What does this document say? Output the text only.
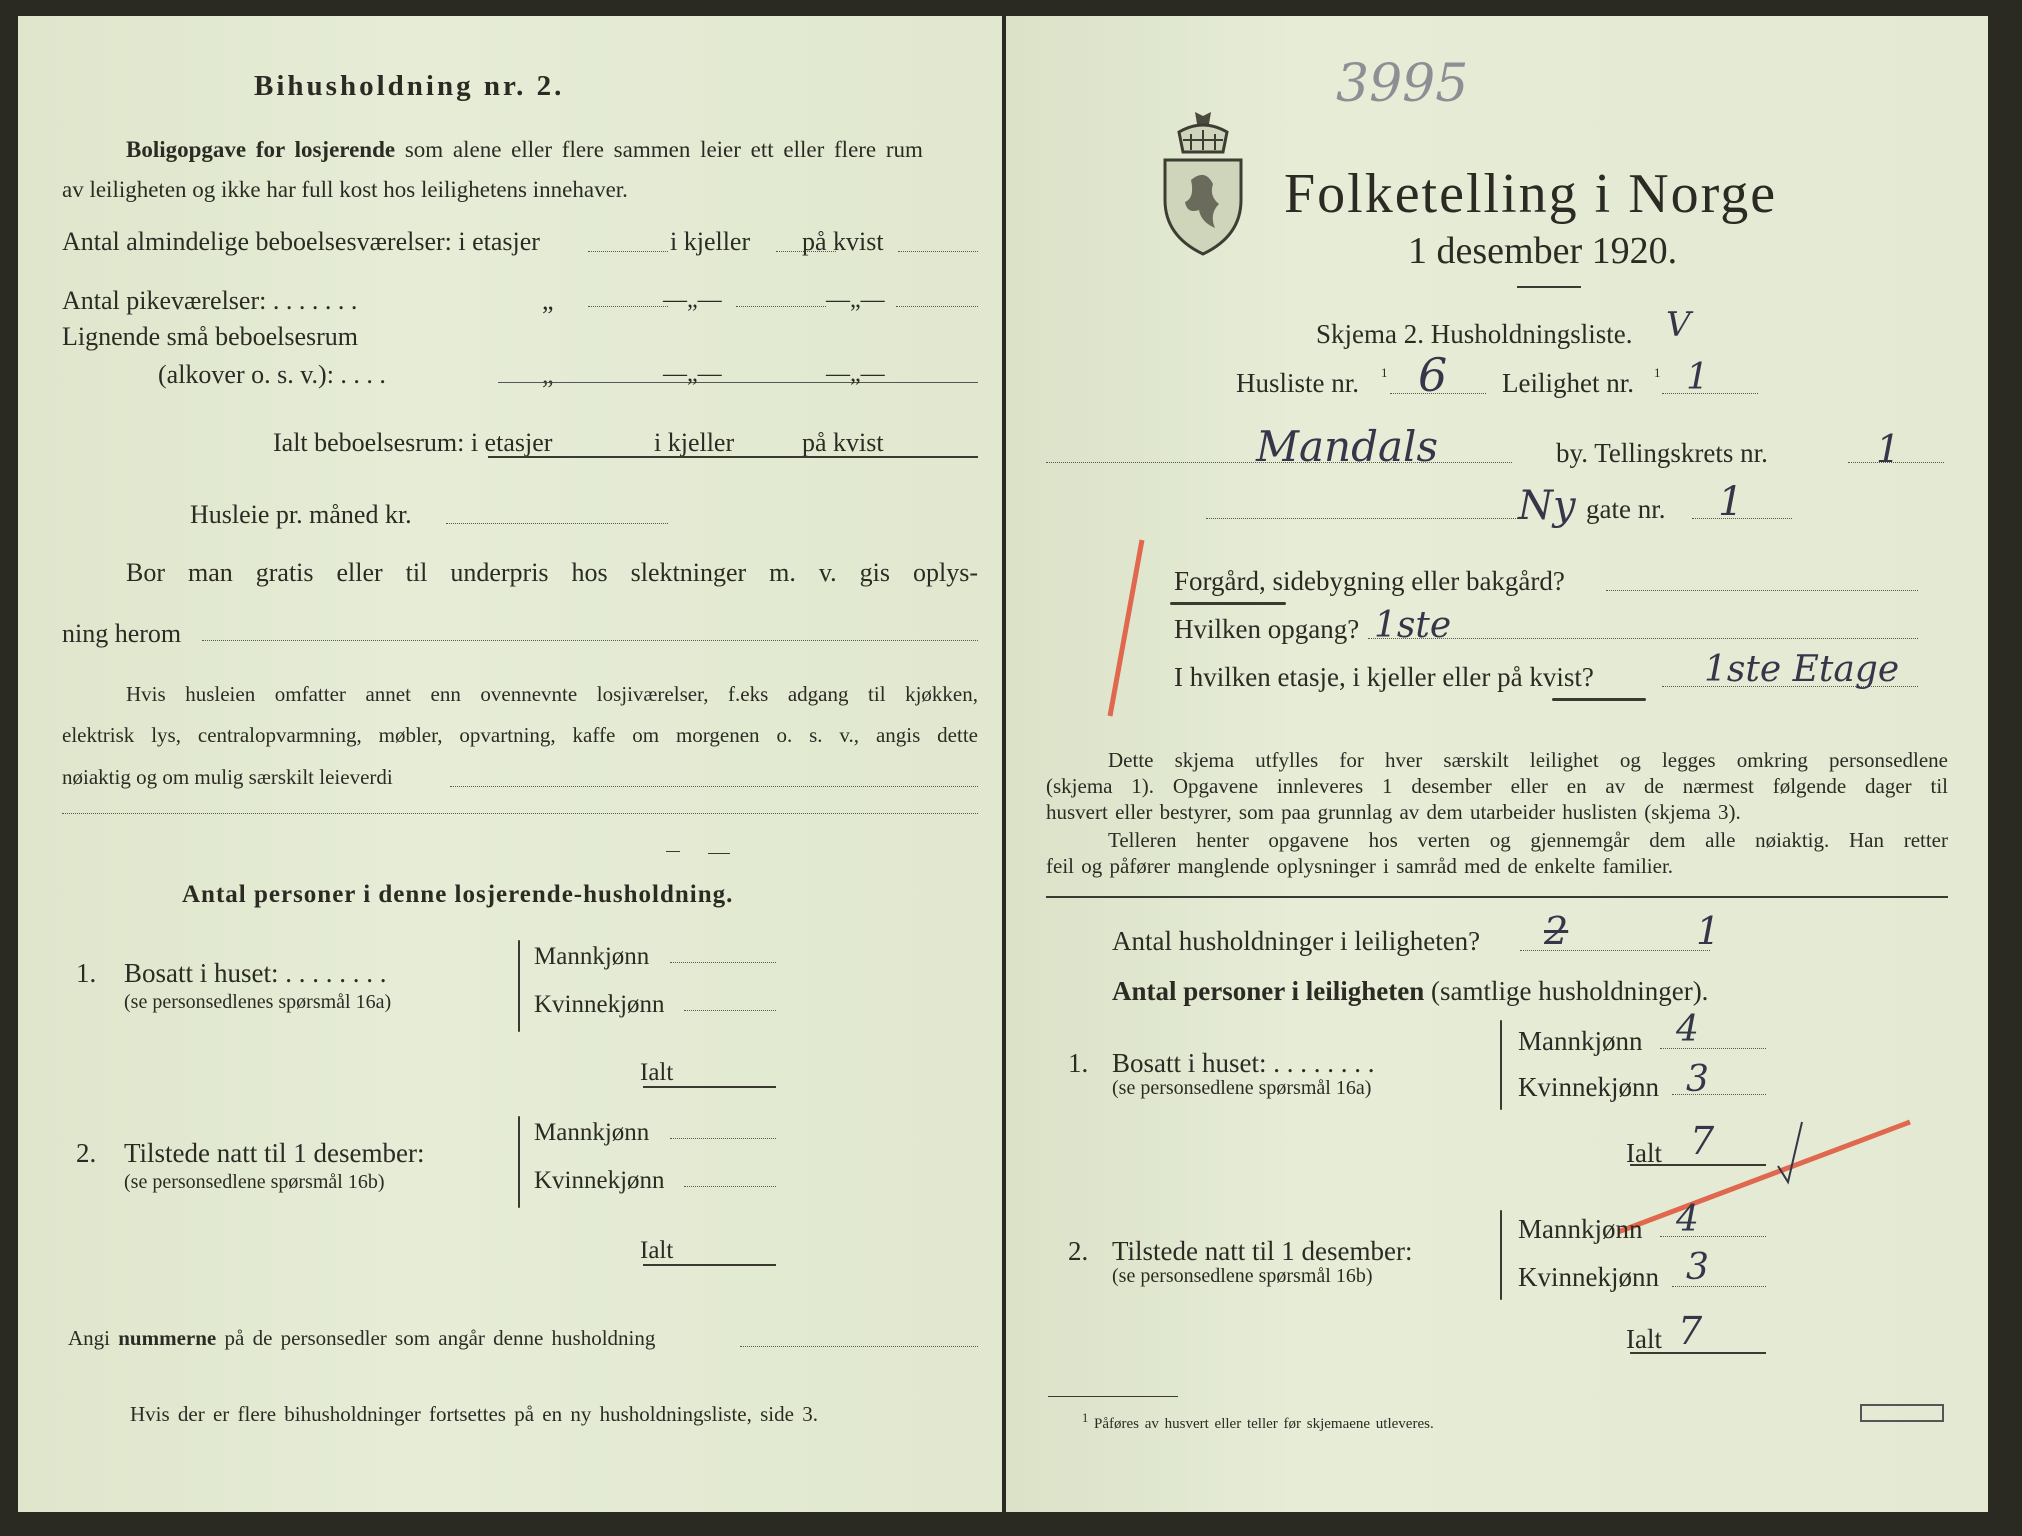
Bihusholdning nr. 2.
Boligopgave for losjerende som alene eller flere sammen leier ett eller flere rum
av leiligheten og ikke har full kost hos leilighetens innehaver.
Antal almindelige beboelsesværelser: i etasjer	i kjeller på kvist
Antal pikeværelser: . . . . . . .	„	—„—	—„—
Lignende små beboelsesrum
(alkover o. s. v.): . . . .	„	—„—	—„—
Ialt beboelsesrum: i etasjer	i kjeller	på kvist
Husleie pr. måned kr.
Bor man gratis eller til underpris hos slektninger m. v. gis oplys-
ning herom
Hvis husleien omfatter annet enn ovennevnte losjiværelser, f.eks adgang til kjøkken,
elektrisk lys, centralopvarmning, møbler, opvartning, kaffe om morgenen o. s. v., angis dette
nøiaktig og om mulig særskilt leieverdi
Antal personer i denne losjerende-husholdning.
1. Bosatt i huset: . . . . . . . .
(se personsedlenes spørsmål 16a)
Mannkjønn
Kvinnekjønn
Ialt
2. Tilstede natt til 1 desember:
(se personsedlene spørsmål 16b)
Mannkjønn
Kvinnekjønn
Ialt
Angi nummerne på de personsedler som angår denne husholdning
Hvis der er flere bihusholdninger fortsettes på en ny husholdningsliste, side 3.
3995
Folketelling i Norge
1 desember 1920.
Skjema 2. Husholdningsliste. V
Husliste nr. 1 6 Leilighet nr. 1 1
Mandals	by. Tellingskrets nr.	1
Ny gate nr. 1
Forgård, sidebygning eller bakgård?
Hvilken opgang? 1ste
I hvilken etasje, i kjeller eller på kvist?	1ste Etage
Dette skjema utfylles for hver særskilt leilighet og legges omkring personsedlene
(skjema 1). Opgavene innleveres 1 desember eller en av de nærmest følgende dager til
husvert eller bestyrer, som paa grunnlag av dem utarbeider huslisten (skjema 3).
Telleren henter opgavene hos verten og gjennemgår dem alle nøiaktig. Han retter
feil og påfører manglende oplysninger i samråd med de enkelte familier.
Antal husholdninger i leiligheten? 2	1
Antal personer i leiligheten (samtlige husholdninger).
1. Bosatt i huset: . . . . . . . .
(se personsedlene spørsmål 16a)
Mannkjønn 4
Kvinnekjønn 3
Ialt 7
2. Tilstede natt til 1 desember:
(se personsedlene spørsmål 16b)
Mannkjønn 4
Kvinnekjønn 3
Ialt 7
$^1$ Påføres av husvert eller teller før skjemaene utleveres.
